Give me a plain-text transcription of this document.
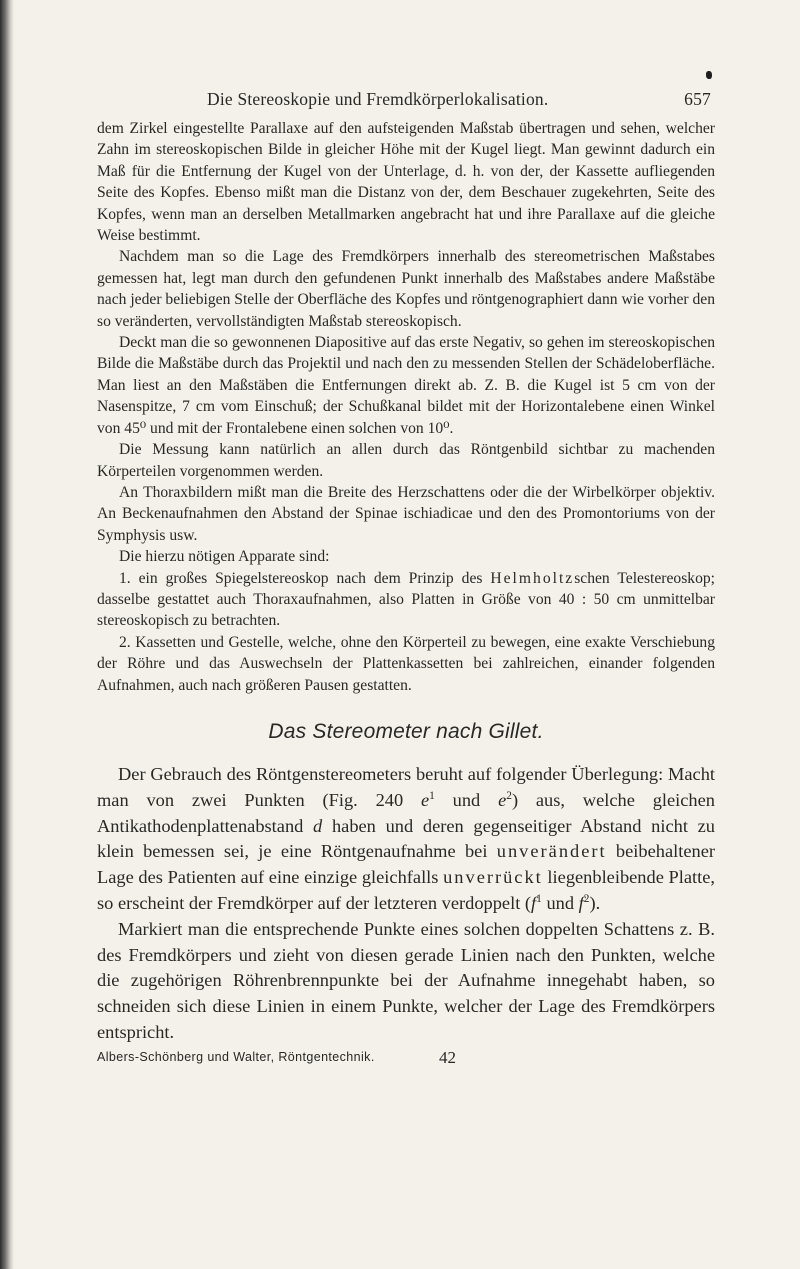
Die Stereoskopie und Fremdkörperlokalisation.	657

dem Zirkel eingestellte Parallaxe auf den aufsteigenden Maßstab übertragen und sehen, welcher Zahn im stereoskopischen Bilde in gleicher Höhe mit der Kugel liegt. Man gewinnt dadurch ein Maß für die Entfernung der Kugel von der Unterlage, d. h. von der, der Kassette aufliegenden Seite des Kopfes. Ebenso mißt man die Distanz von der, dem Beschauer zugekehrten, Seite des Kopfes, wenn man an derselben Metallmarken angebracht hat und ihre Parallaxe auf die gleiche Weise bestimmt.

Nachdem man so die Lage des Fremdkörpers innerhalb des stereometrischen Maßstabes gemessen hat, legt man durch den gefundenen Punkt innerhalb des Maßstabes andere Maßstäbe nach jeder beliebigen Stelle der Oberfläche des Kopfes und röntgenographiert dann wie vorher den so veränderten, vervollständigten Maßstab stereoskopisch.

Deckt man die so gewonnenen Diapositive auf das erste Negativ, so gehen im stereoskopischen Bilde die Maßstäbe durch das Projektil und nach den zu messenden Stellen der Schädeloberfläche. Man liest an den Maßstäben die Entfernungen direkt ab. Z. B. die Kugel ist 5 cm von der Nasenspitze, 7 cm vom Einschuß; der Schußkanal bildet mit der Horizontalebene einen Winkel von 45⁰ und mit der Frontalebene einen solchen von 10⁰.

Die Messung kann natürlich an allen durch das Röntgenbild sichtbar zu machenden Körperteilen vorgenommen werden.

An Thoraxbildern mißt man die Breite des Herzschattens oder die der Wirbelkörper objektiv. An Beckenaufnahmen den Abstand der Spinae ischiadicae und den des Promontoriums von der Symphysis usw.

Die hierzu nötigen Apparate sind:

1. ein großes Spiegelstereoskop nach dem Prinzip des Helmholtzschen Telestereoskop; dasselbe gestattet auch Thoraxaufnahmen, also Platten in Größe von 40 : 50 cm unmittelbar stereoskopisch zu betrachten.

2. Kassetten und Gestelle, welche, ohne den Körperteil zu bewegen, eine exakte Verschiebung der Röhre und das Auswechseln der Plattenkassetten bei zahlreichen, einander folgenden Aufnahmen, auch nach größeren Pausen gestatten.

Das Stereometer nach Gillet.

Der Gebrauch des Röntgenstereometers beruht auf folgender Überlegung: Macht man von zwei Punkten (Fig. 240 $e^1$ und $e^2$) aus, welche gleichen Antikathodenplattenabstand d haben und deren gegenseitiger Abstand nicht zu klein bemessen sei, je eine Röntgenaufnahme bei unverändert beibehaltener Lage des Patienten auf eine einzige gleichfalls unverrückt liegenbleibende Platte, so erscheint der Fremdkörper auf der letzteren verdoppelt ($f^1$ und $f^2$).

Markiert man die entsprechende Punkte eines solchen doppelten Schattens z. B. des Fremdkörpers und zieht von diesen gerade Linien nach den Punkten, welche die zugehörigen Röhrenbrennpunkte bei der Aufnahme innegehabt haben, so schneiden sich diese Linien in einem Punkte, welcher der Lage des Fremdkörpers entspricht.

Albers-Schönberg und Walter, Röntgentechnik.	42
